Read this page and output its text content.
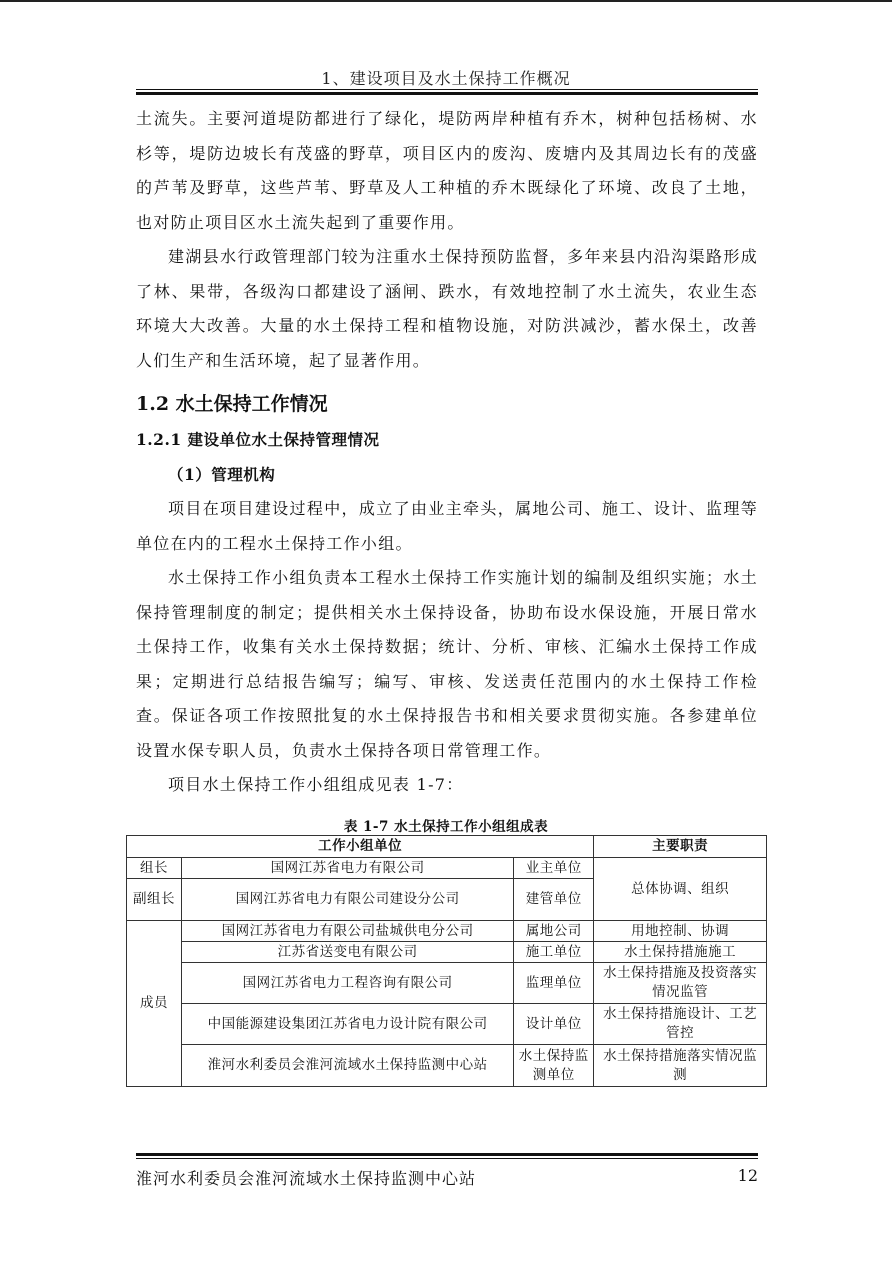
1、建设项目及水土保持工作概况

土流失。主要河道堤防都进行了绿化，堤防两岸种植有乔木，树种包括杨树、水杉等，堤防边坡长有茂盛的野草，项目区内的废沟、废塘内及其周边长有的茂盛的芦苇及野草，这些芦苇、野草及人工种植的乔木既绿化了环境、改良了土地，也对防止项目区水土流失起到了重要作用。

建湖县水行政管理部门较为注重水土保持预防监督，多年来县内沿沟渠路形成了林、果带，各级沟口都建设了涵闸、跌水，有效地控制了水土流失，农业生态环境大大改善。大量的水土保持工程和植物设施，对防洪减沙，蓄水保土，改善人们生产和生活环境，起了显著作用。

1.2 水土保持工作情况

1.2.1 建设单位水土保持管理情况

（1）管理机构

项目在项目建设过程中，成立了由业主牵头，属地公司、施工、设计、监理等单位在内的工程水土保持工作小组。

水土保持工作小组负责本工程水土保持工作实施计划的编制及组织实施；水土保持管理制度的制定；提供相关水土保持设备，协助布设水保设施，开展日常水土保持工作，收集有关水土保持数据；统计、分析、审核、汇编水土保持工作成果；定期进行总结报告编写；编写、审核、发送责任范围内的水土保持工作检查。保证各项工作按照批复的水土保持报告书和相关要求贯彻实施。各参建单位设置水保专职人员，负责水土保持各项日常管理工作。

项目水土保持工作小组组成见表 1-7：

表 1-7 水土保持工作小组组成表
工作小组单位			主要职责
组长	国网江苏省电力有限公司	业主单位	总体协调、组织
副组长	国网江苏省电力有限公司建设分公司	建管单位	
成员	国网江苏省电力有限公司盐城供电分公司	属地公司	用地控制、协调
	江苏省送变电有限公司	施工单位	水土保持措施施工
	国网江苏省电力工程咨询有限公司	监理单位	水土保持措施及投资落实情况监管
	中国能源建设集团江苏省电力设计院有限公司	设计单位	水土保持措施设计、工艺管控
	淮河水利委员会淮河流域水土保持监测中心站	水土保持监测单位	水土保持措施落实情况监测
淮河水利委员会淮河流域水土保持监测中心站	12
